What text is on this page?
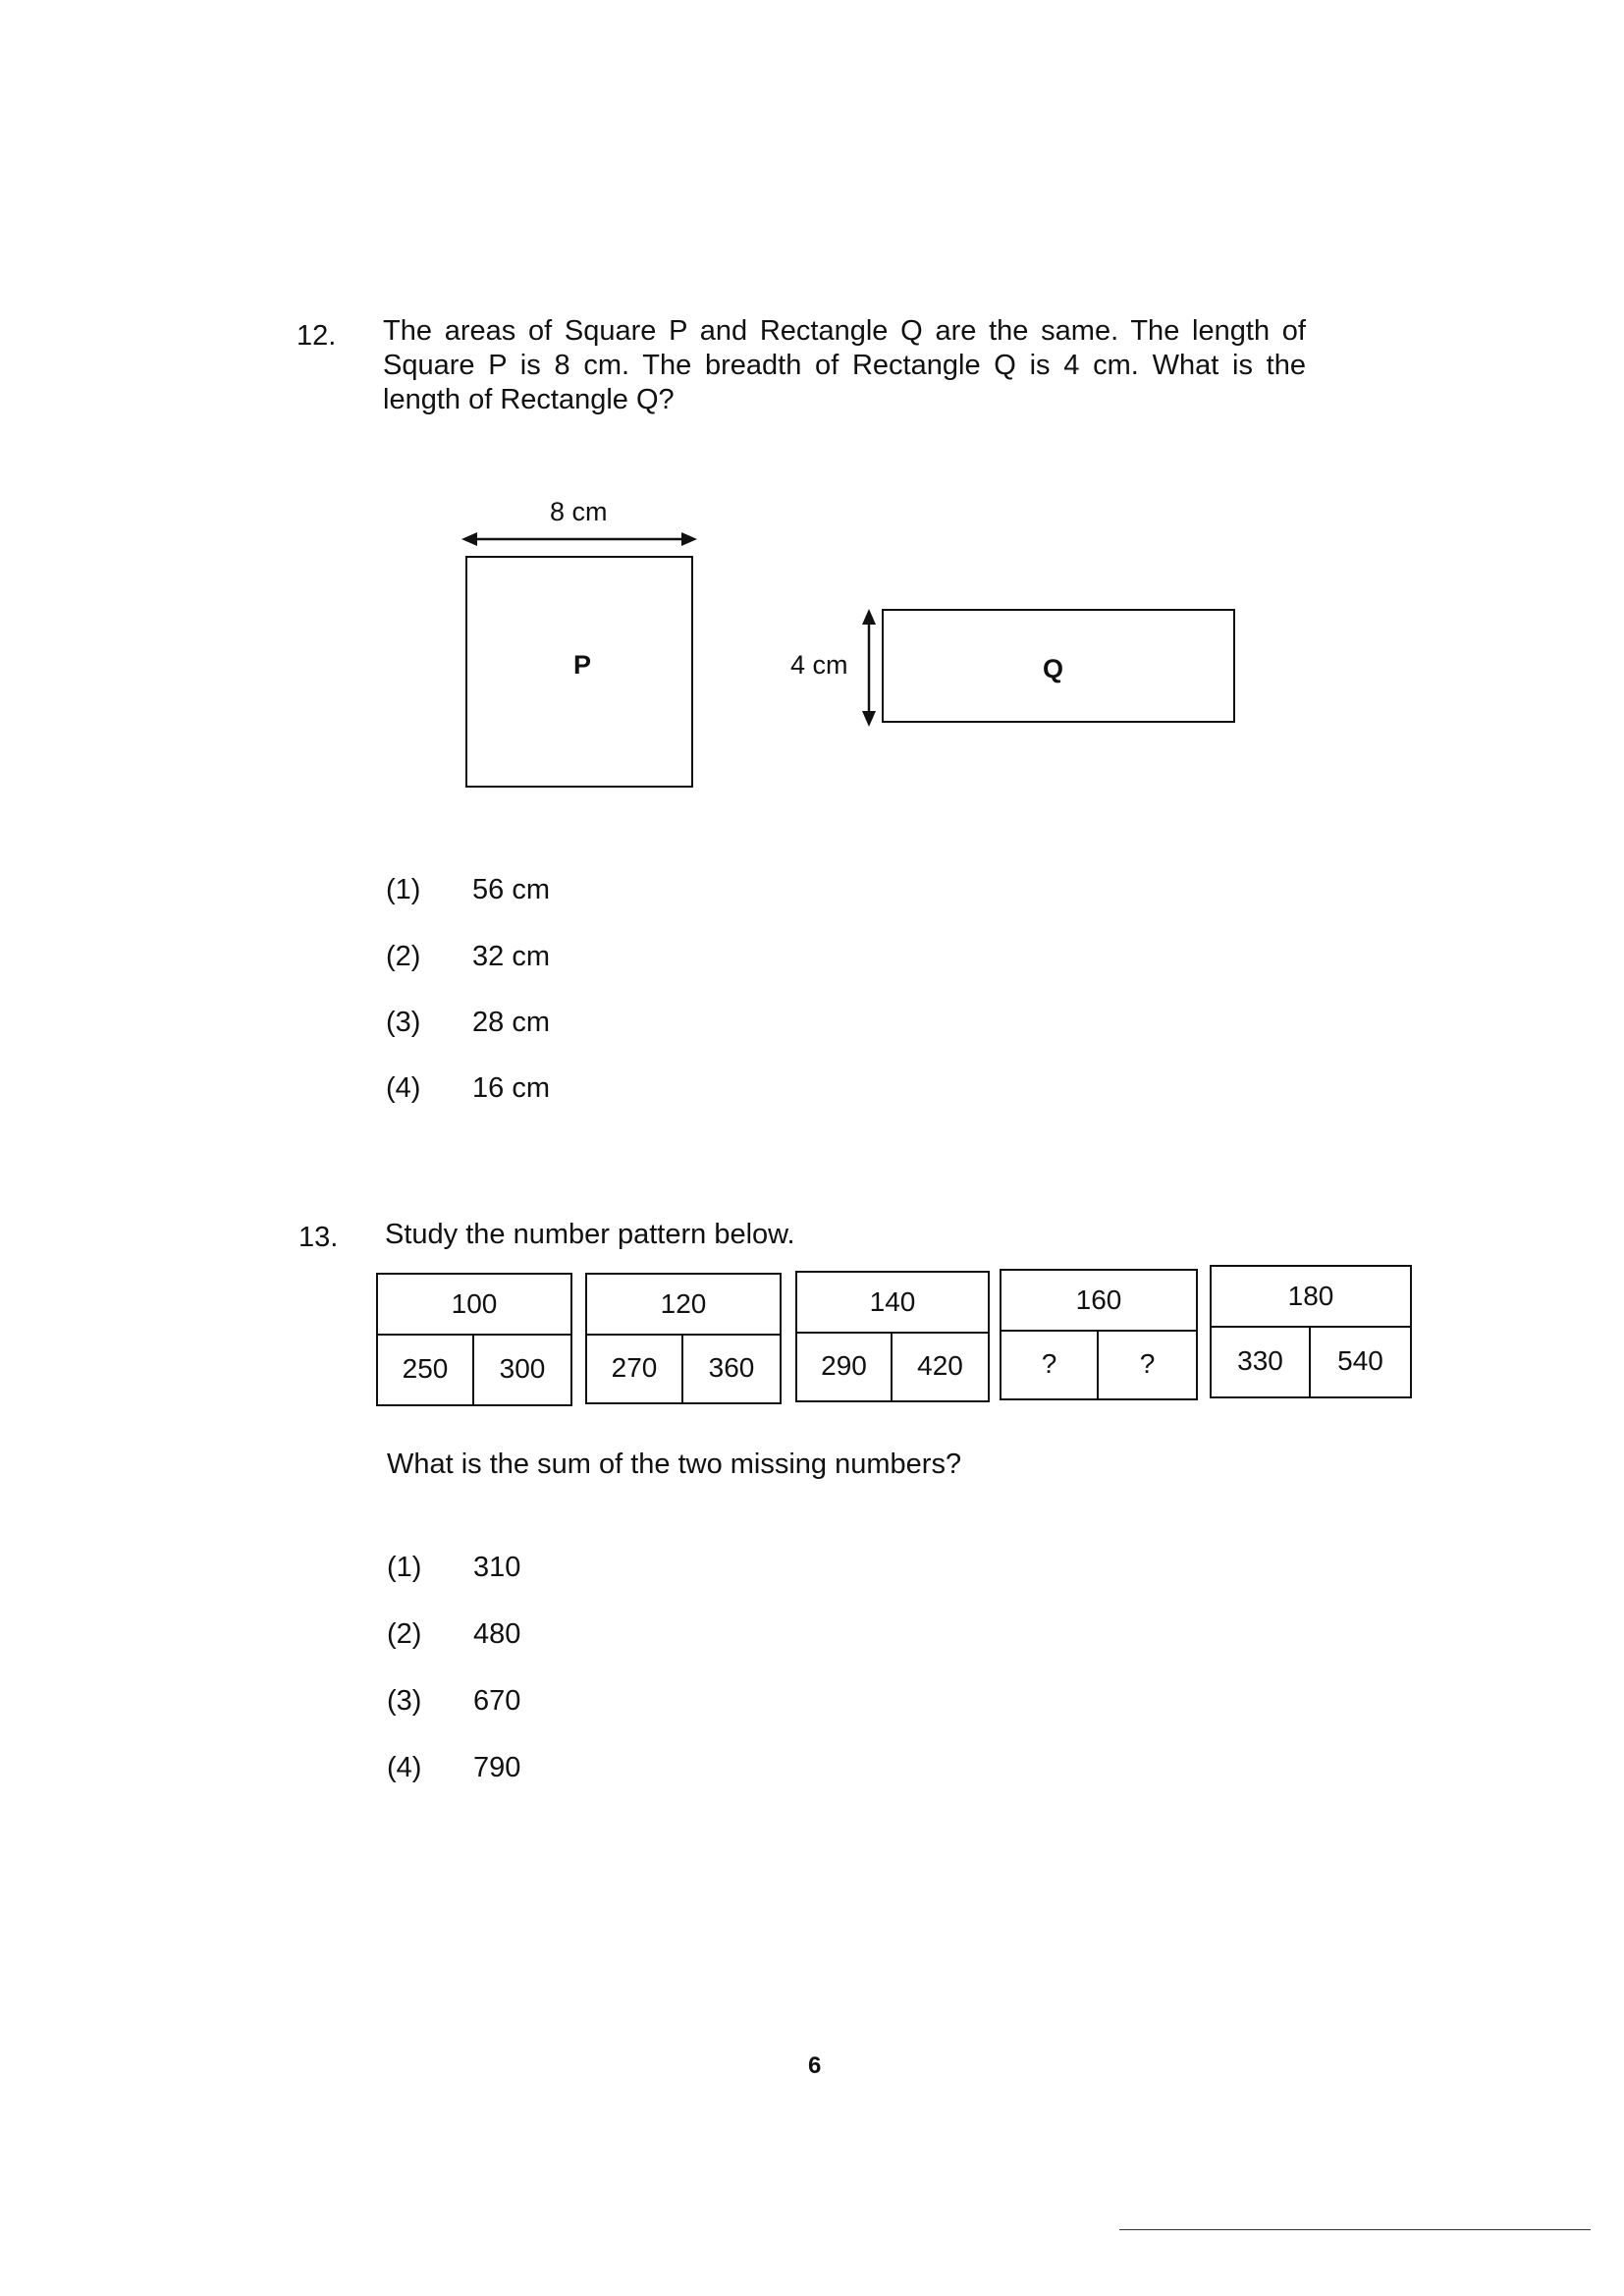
12. The areas of Square P and Rectangle Q are the same. The length of Square P is 8 cm. The breadth of Rectangle Q is 4 cm. What is the length of Rectangle Q?
8 cm
P	4 cm	Q
(1) 56 cm
(2) 32 cm
(3) 28 cm
(4) 16 cm
13. Study the number pattern below.
100
250	300
120
270	360
140
290	420
160
?	?
180
330	540
What is the sum of the two missing numbers?
(1) 310
(2) 480
(3) 670
(4) 790
6
